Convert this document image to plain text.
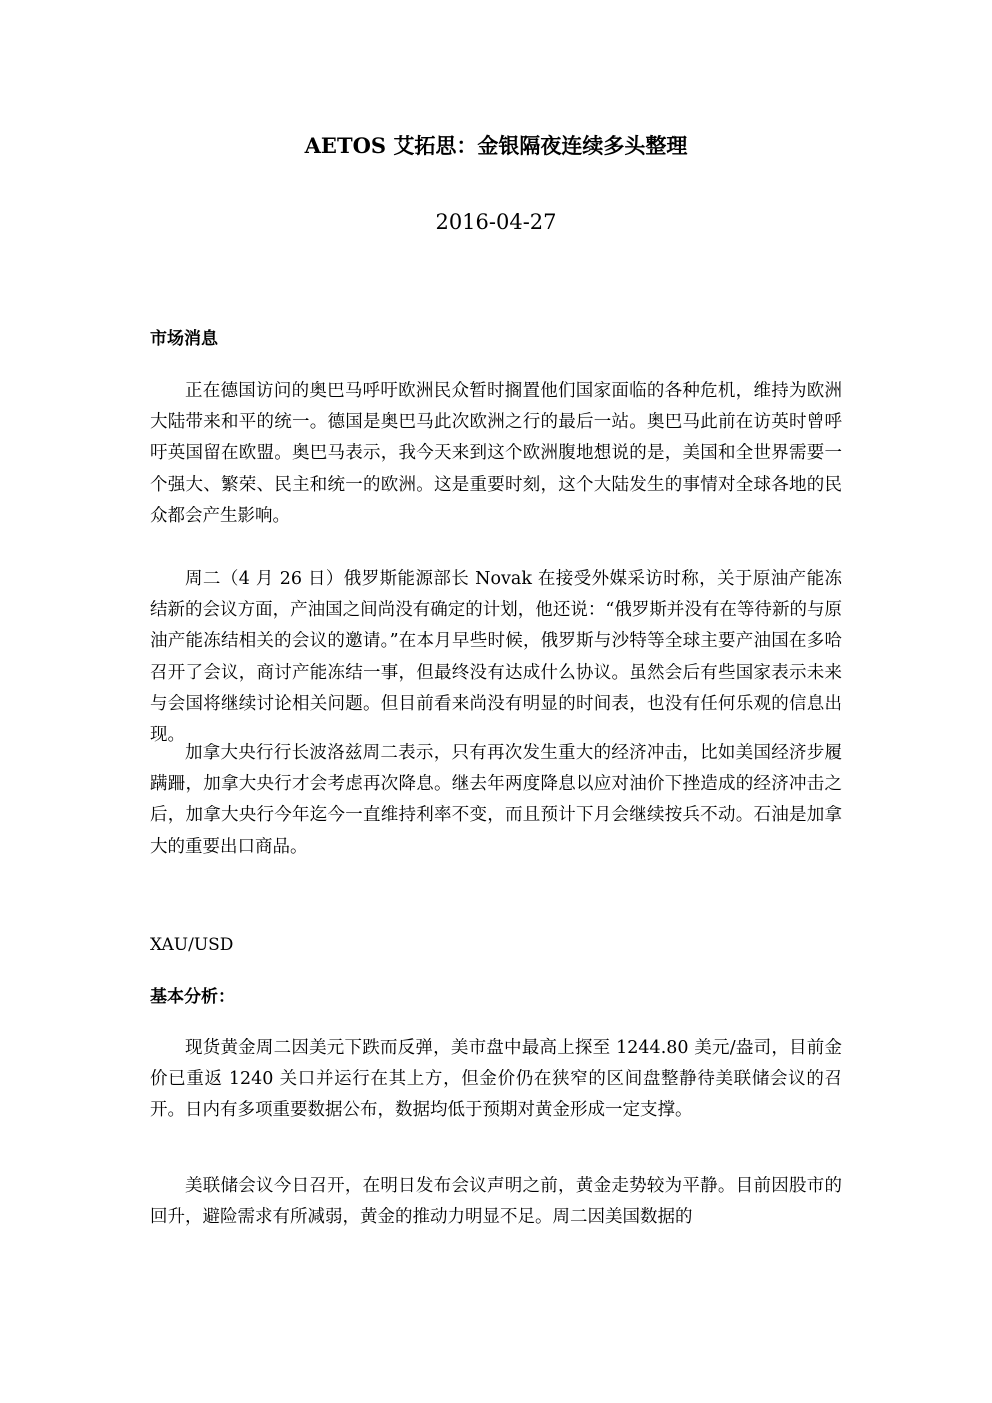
AETOS 艾拓思：金银隔夜连续多头整理
2016-04-27
市场消息

正在德国访问的奥巴马呼吁欧洲民众暂时搁置他们国家面临的各种危机，维持为欧洲大陆带来和平的统一。德国是奥巴马此次欧洲之行的最后一站。奥巴马此前在访英时曾呼吁英国留在欧盟。奥巴马表示，我今天来到这个欧洲腹地想说的是，美国和全世界需要一个强大、繁荣、民主和统一的欧洲。这是重要时刻，这个大陆发生的事情对全球各地的民众都会产生影响。

周二（4 月 26 日）俄罗斯能源部长 Novak 在接受外媒采访时称，关于原油产能冻结新的会议方面，产油国之间尚没有确定的计划，他还说：“俄罗斯并没有在等待新的与原油产能冻结相关的会议的邀请。”在本月早些时候，俄罗斯与沙特等全球主要产油国在多哈召开了会议，商讨产能冻结一事，但最终没有达成什么协议。虽然会后有些国家表示未来与会国将继续讨论相关问题。但目前看来尚没有明显的时间表，也没有任何乐观的信息出现。

加拿大央行行长波洛兹周二表示，只有再次发生重大的经济冲击，比如美国经济步履蹒跚，加拿大央行才会考虑再次降息。继去年两度降息以应对油价下挫造成的经济冲击之后，加拿大央行今年迄今一直维持利率不变，而且预计下月会继续按兵不动。石油是加拿大的重要出口商品。

XAU/USD
基本分析：

现货黄金周二因美元下跌而反弹，美市盘中最高上探至 1244.80 美元/盎司，目前金价已重返 1240 关口并运行在其上方，但金价仍在狭窄的区间盘整静待美联储会议的召开。日内有多项重要数据公布，数据均低于预期对黄金形成一定支撑。

美联储会议今日召开，在明日发布会议声明之前，黄金走势较为平静。目前因股市的回升，避险需求有所减弱，黄金的推动力明显不足。周二因美国数据的
